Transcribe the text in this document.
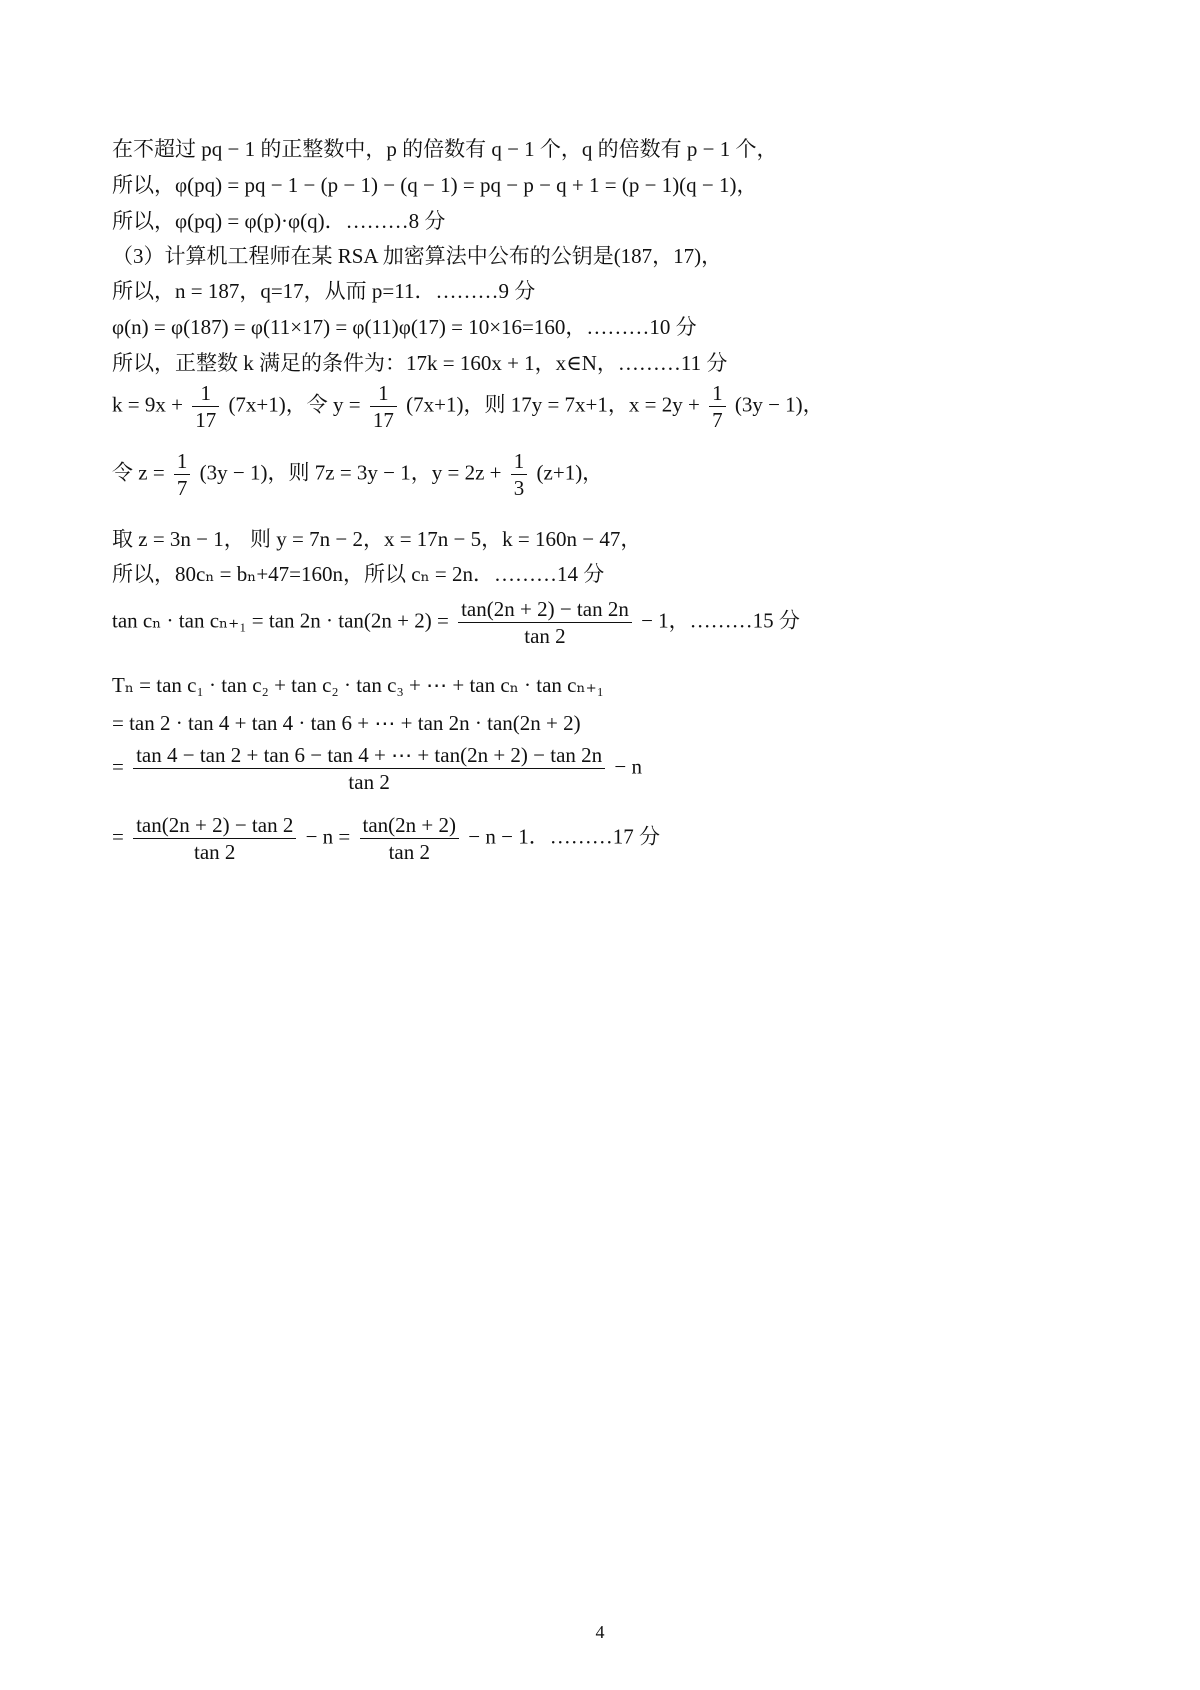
在不超过 pq − 1 的正整数中，p 的倍数有 q − 1 个，q 的倍数有 p − 1 个，
所以，φ(pq) = pq − 1 − (p − 1) − (q − 1) = pq − p − q + 1 = (p − 1)(q − 1)，
所以，φ(pq) = φ(p)·φ(q)．………8 分
（3）计算机工程师在某 RSA 加密算法中公布的公钥是(187，17)，
所以，n = 187，q=17，从而 p=11．………9 分
φ(n) = φ(187) = φ(11×17) = φ(11)φ(17) = 10×16=160，………10 分
所以，正整数 k 满足的条件为：17k = 160x + 1，x∈N，………11 分
$k = 9x + \frac{1}{17} (7x+1)$，令 $y = \frac{1}{17} (7x+1)$，则 17y = 7x+1，$x = 2y + \frac{1}{7} (3y - 1)$，
令 $z = \frac{1}{7} (3y - 1)$，则 7z = 3y − 1，$y = 2z + \frac{1}{3} (z+1)$，
取 z = 3n − 1， 则 y = 7n − 2，x = 17n − 5，k = 160n − 47，
所以，80cₙ = bₙ+47=160n，所以 cₙ = 2n．………14 分
$\tan c_n \cdot \tan c_{n+1} = \tan 2n \cdot \tan(2n + 2) = \frac{\tan(2n + 2) - \tan 2n}{\tan 2} - 1$，………15 分
Tₙ = tan c₁ · tan c₂ + tan c₂ · tan c₃ + ⋯ + tan cₙ · tan cₙ₊₁
= tan 2 · tan 4 + tan 4 · tan 6 + ⋯ + tan 2n · tan(2n + 2)
= $\frac{\tan 4 - \tan 2 + \tan 6 - \tan 4 + \cdots + \tan(2n + 2) - \tan 2n}{\tan 2} - n$
= $\frac{\tan(2n + 2) - \tan 2}{\tan 2} - n = \frac{\tan(2n + 2)}{\tan 2} - n - 1$．………17 分
4
